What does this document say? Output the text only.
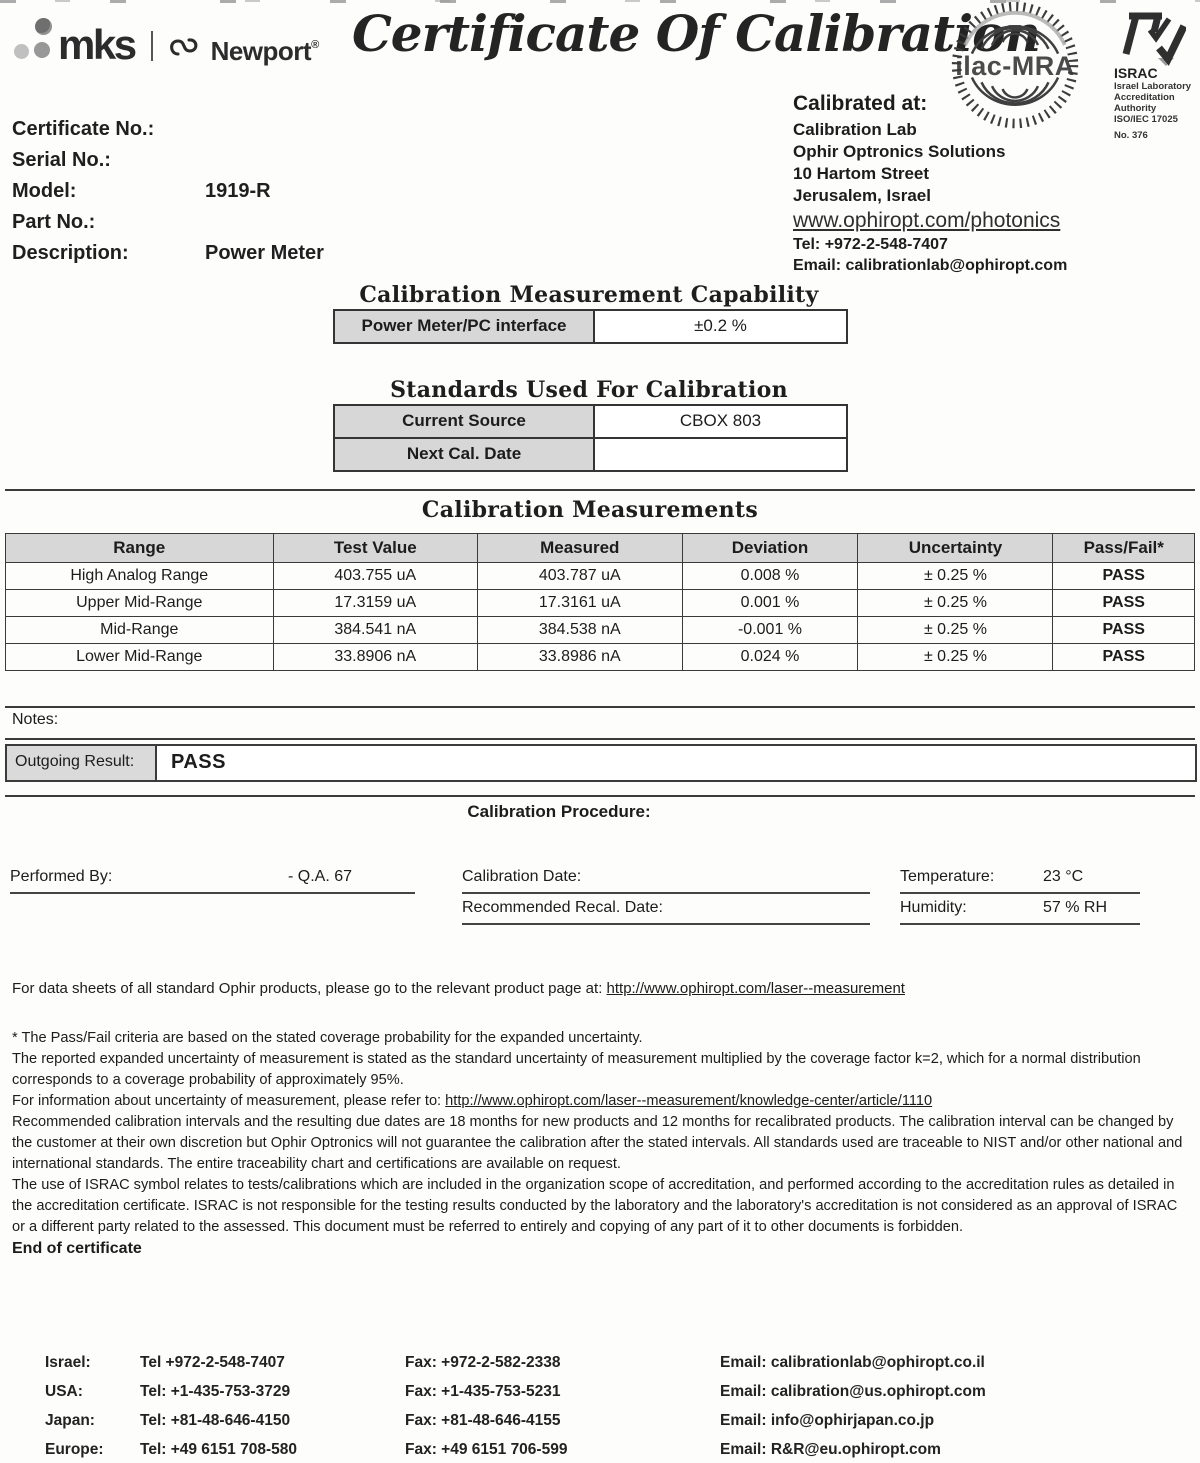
mks	Newport® Certificate Of Calibration
ilac-MRA	ISRAC
Israel Laboratory
Accreditation
Authority
ISO/IEC 17025
No. 376
Certificate No.:
Serial No.:
Model:	1919-R
Part No.:
Description:	Power Meter
Calibrated at:
Calibration Lab
Ophir Optronics Solutions
10 Hartom Street
Jerusalem, Israel
www.ophiropt.com/photonics
Tel: +972-2-548-7407
Email: calibrationlab@ophiropt.com
Calibration Measurement Capability
Power Meter/PC interface	±0.2 %
Standards Used For Calibration
Current Source	CBOX 803
Next Cal. Date
Calibration Measurements
Range	Test Value	Measured	Deviation	Uncertainty	Pass/Fail*
High Analog Range	403.755 uA	403.787 uA	0.008 %	± 0.25 %	PASS
Upper Mid-Range	17.3159 uA	17.3161 uA	0.001 %	± 0.25 %	PASS
Mid-Range	384.541 nA	384.538 nA	-0.001 %	± 0.25 %	PASS
Lower Mid-Range	33.8906 nA	33.8986 nA	0.024 %	± 0.25 %	PASS
Notes:
Outgoing Result:	PASS
Calibration Procedure:
Performed By:	- Q.A. 67	Calibration Date:
Recommended Recal. Date:
Temperature:	23 °C
Humidity:	57 % RH
For data sheets of all standard Ophir products, please go to the relevant product page at: http://www.ophiropt.com/laser--measurement
* The Pass/Fail criteria are based on the stated coverage probability for the expanded uncertainty.
The reported expanded uncertainty of measurement is stated as the standard uncertainty of measurement multiplied by the coverage factor k=2, which for a normal distribution corresponds to a coverage probability of approximately 95%.
For information about uncertainty of measurement, please refer to: http://www.ophiropt.com/laser--measurement/knowledge-center/article/1110
Recommended calibration intervals and the resulting due dates are 18 months for new products and 12 months for recalibrated products. The calibration interval can be changed by the customer at their own discretion but Ophir Optronics will not guarantee the calibration after the stated intervals. All standards used are traceable to NIST and/or other national and international standards. The entire traceability chart and certifications are available on request.
The use of ISRAC symbol relates to tests/calibrations which are included in the organization scope of accreditation, and performed according to the accreditation rules as detailed in the accreditation certificate. ISRAC is not responsible for the testing results conducted by the laboratory and the laboratory's accreditation is not considered as an approval of ISRAC or a different party related to the assessed. This document must be referred to entirely and copying of any part of it to other documents is forbidden.
End of certificate
Israel:	Tel +972-2-548-7407	Fax: +972-2-582-2338	Email: calibrationlab@ophiropt.co.il
USA:	Tel: +1-435-753-3729	Fax: +1-435-753-5231	Email: calibration@us.ophiropt.com
Japan:	Tel: +81-48-646-4150	Fax: +81-48-646-4155	Email: info@ophirjapan.co.jp
Europe: Tel: +49 6151 708-580	Fax: +49 6151 706-599	Email: R&R@eu.ophiropt.com
